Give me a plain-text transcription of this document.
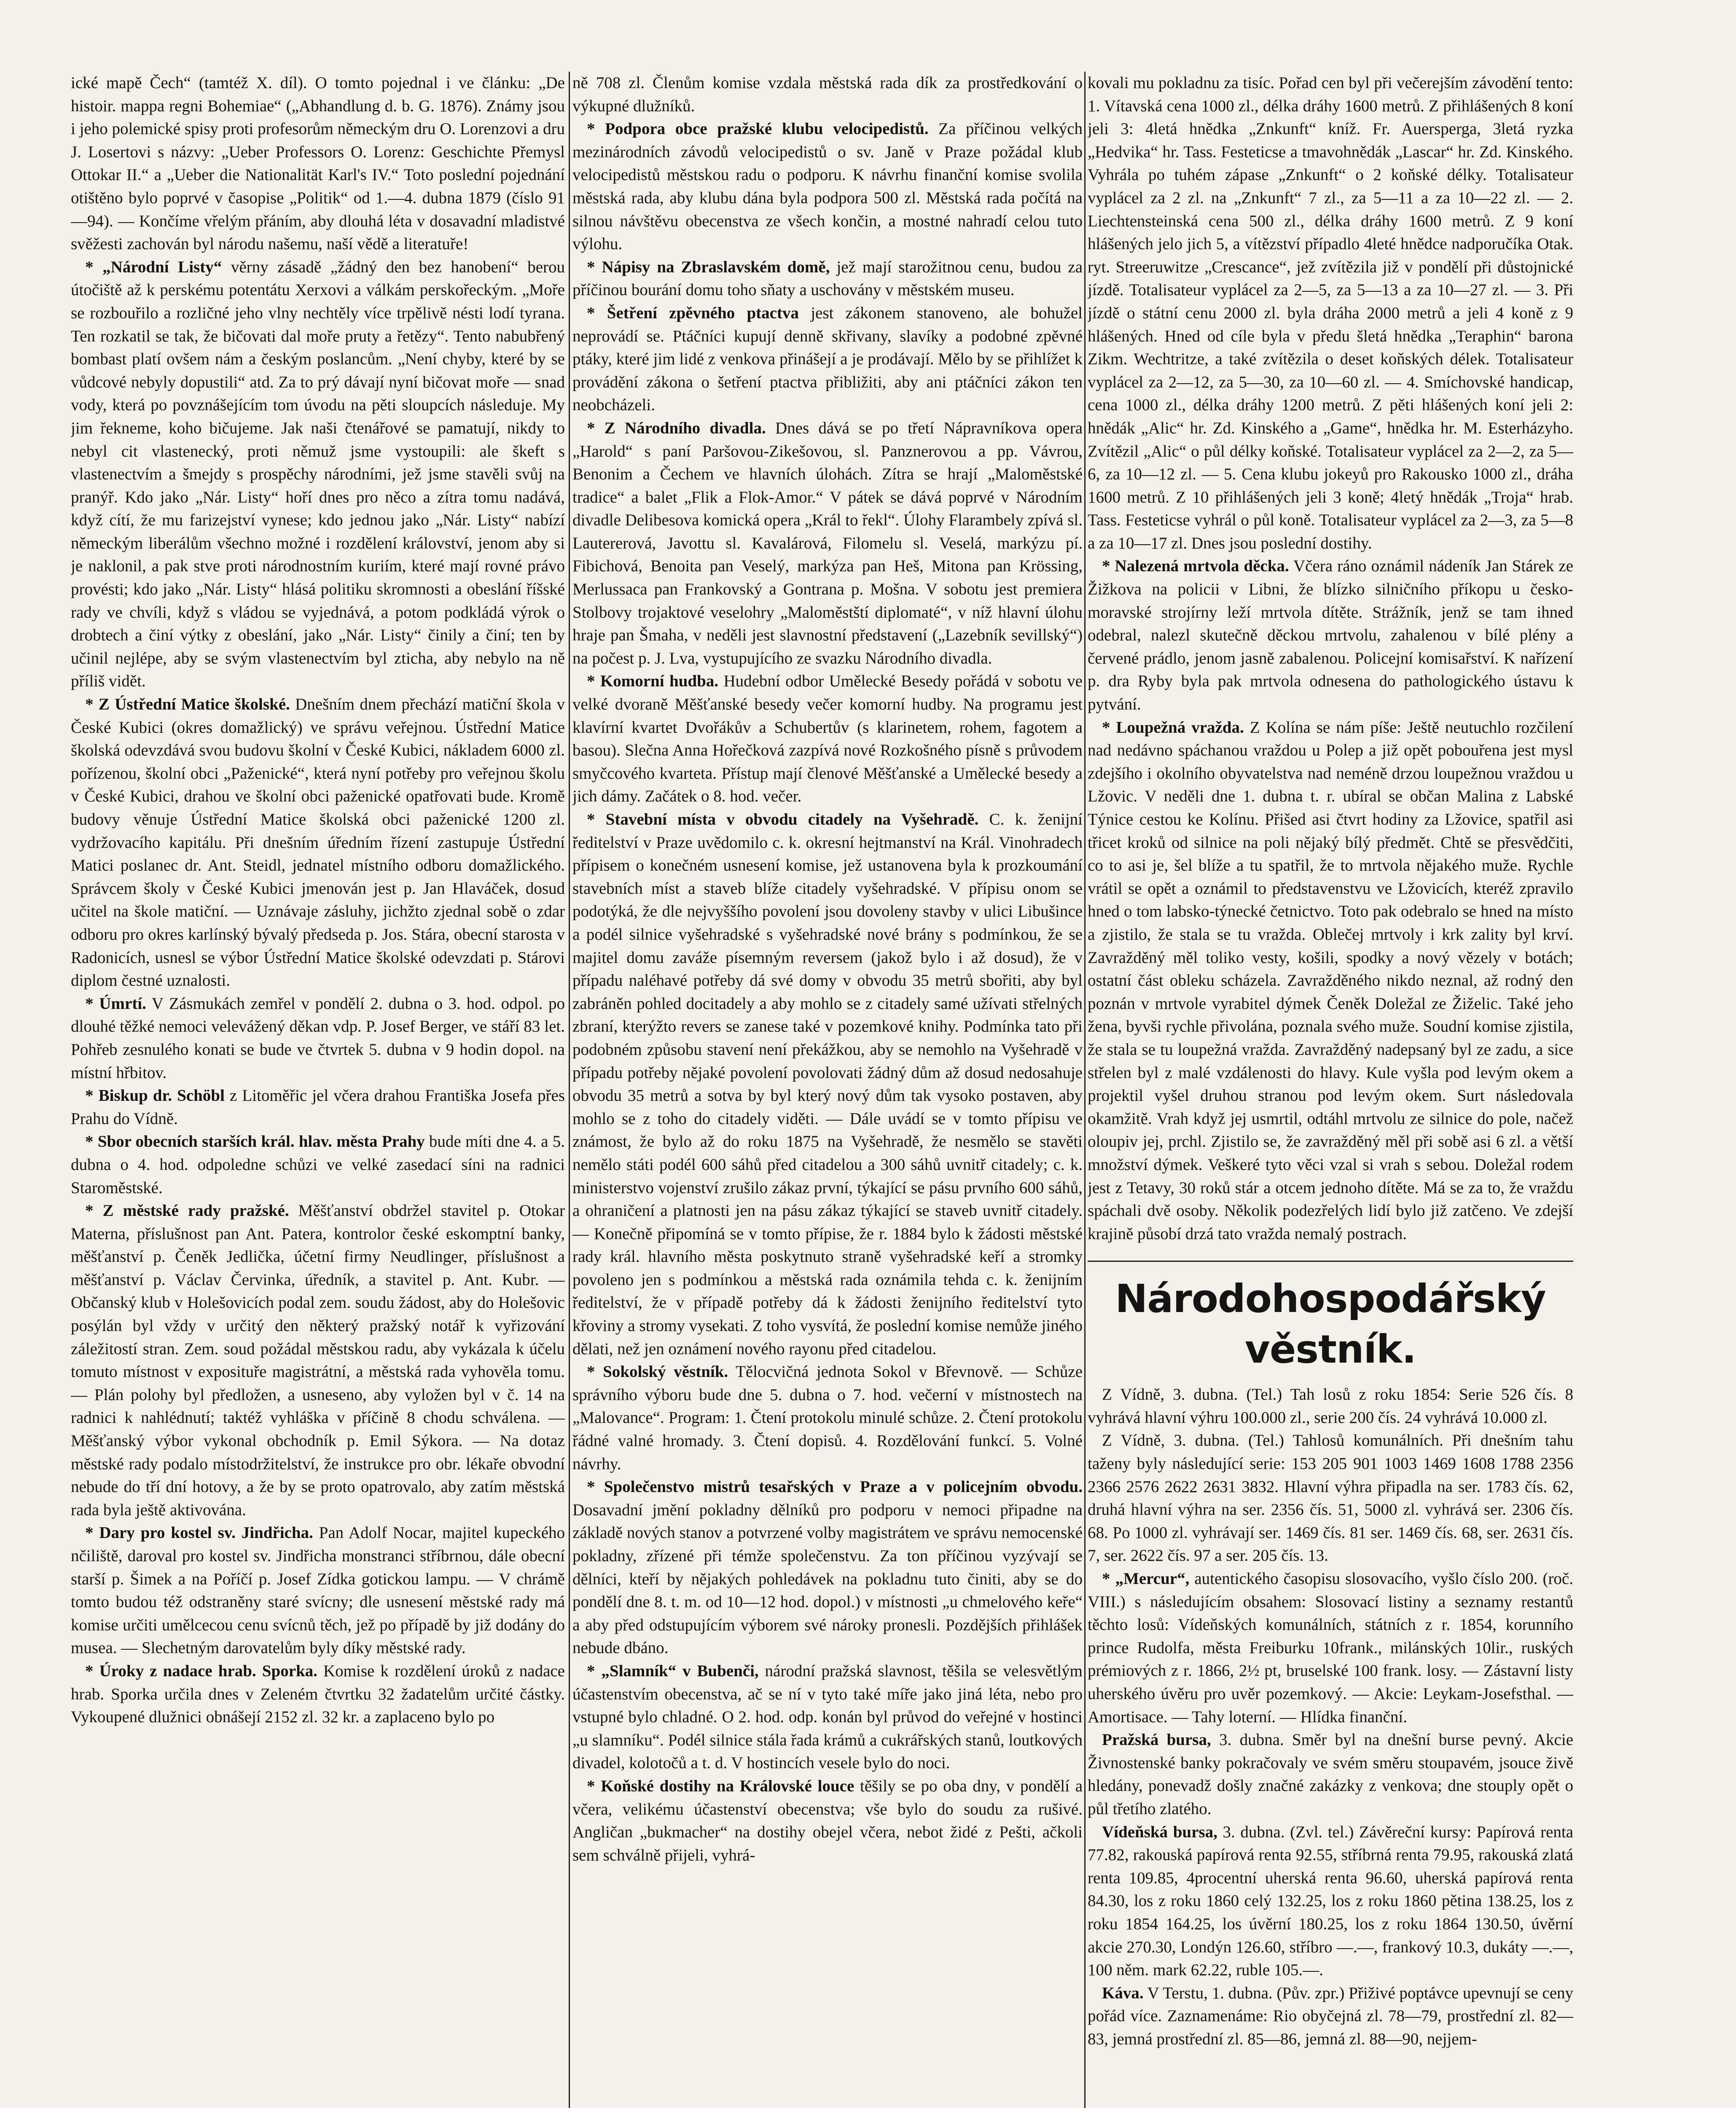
ické mapě Čech“ (tamtéž X. díl). O tomto pojednal i ve článku: „De histoir. mappa regni Bohemiae“ („Abhandlung d. b. G. 1876). Známy jsou i jeho polemické spisy proti profesorům německým dru O. Lorenzovi a dru J. Losertovi s názvy: „Ueber Professors O. Lorenz: Geschichte Přemysl Ottokar II.“ a „Ueber die Nationalität Karl's IV.“ Toto poslední pojednání otištěno bylo poprvé v časopise „Politik“ od 1.—4. dubna 1879 (číslo 91—94). — Končíme vřelým přáním, aby dlouhá léta v dosavadní mladistvé svěžesti zachován byl národu našemu, naší vědě a literatuře!

* „Národní Listy“ věrny zásadě „žádný den bez hanobení“ berou útočiště až k perskému potentátu Xerxovi a válkám perskořeckým. „Moře se rozbouřilo a rozličné jeho vlny nechtěly více trpělivě nésti lodí tyrana. Ten rozkatil se tak, že bičovati dal moře pruty a řetězy“. Tento nabubřený bombast platí ovšem nám a českým poslancům. „Není chyby, které by se vůdcové nebyly dopustili“ atd. Za to prý dávají nyní bičovat moře — snad vody, která po povznášejícím tom úvodu na pěti sloupcích následuje. My jim řekneme, koho bičujeme. Jak naši čtenářové se pamatují, nikdy to nebyl cit vlastenecký, proti němuž jsme vystoupili: ale škeft s vlastenectvím a šmejdy s prospěchy národními, jež jsme stavěli svůj na pranýř. Kdo jako „Nár. Listy“ hoří dnes pro něco a zítra tomu nadává, když cítí, že mu farizejství vynese; kdo jednou jako „Nár. Listy“ nabízí německým liberálům všechno možné i rozdělení království, jenom aby si je naklonil, a pak stve proti národnostním kuriím, které mají rovné právo provésti; kdo jako „Nár. Listy“ hlásá politiku skromnosti a obeslání říšské rady ve chvíli, když s vládou se vyjednává, a potom podkládá výrok o drobtech a činí výtky z obeslání, jako „Nár. Listy“ činily a činí; ten by učinil nejlépe, aby se svým vlastenectvím byl zticha, aby nebylo na ně příliš vidět.

* Z Ústřední Matice školské. Dnešním dnem přechází matiční škola v České Kubici (okres domažlický) ve správu veřejnou. Ústřední Matice školská odevzdává svou budovu školní v České Kubici, nákladem 6000 zl. pořízenou, školní obci „Paženické“, která nyní potřeby pro veřejnou školu v České Kubici, drahou ve školní obci paženické opatřovati bude. Kromě budovy věnuje Ústřední Matice školská obci paženické 1200 zl. vydržovacího kapitálu. Při dnešním úředním řízení zastupuje Ústřední Matici poslanec dr. Ant. Steidl, jednatel místního odboru domažlického. Správcem školy v České Kubici jmenován jest p. Jan Hlaváček, dosud učitel na škole matiční. — Uznávaje zásluhy, jichžto zjednal sobě o zdar odboru pro okres karlínský bývalý předseda p. Jos. Stára, obecní starosta v Radonicích, usnesl se výbor Ústřední Matice školské odevzdati p. Stárovi diplom čestné uznalosti.

* Úmrtí. V Zásmukách zemřel v pondělí 2. dubna o 3. hod. odpol. po dlouhé těžké nemoci velevážený děkan vdp. P. Josef Berger, ve stáří 83 let. Pohřeb zesnulého konati se bude ve čtvrtek 5. dubna v 9 hodin dopol. na místní hřbitov.

* Biskup dr. Schöbl z Litoměřic jel včera drahou Františka Josefa přes Prahu do Vídně.

* Sbor obecních starších král. hlav. města Prahy bude míti dne 4. a 5. dubna o 4. hod. odpoledne schůzi ve velké zasedací síni na radnici Staroměstské.

* Z městské rady pražské. Měšťanství obdržel stavitel p. Otokar Materna, příslušnost pan Ant. Patera, kontrolor české eskomptní banky, měšťanství p. Čeněk Jedlička, účetní firmy Neudlinger, příslušnost a měšťanství p. Václav Červinka, úředník, a stavitel p. Ant. Kubr. — Občanský klub v Holešovicích podal zem. soudu žádost, aby do Holešovic posýlán byl vždy v určitý den některý pražský notář k vyřizování záležitostí stran. Zem. soud požádal městskou radu, aby vykázala k účelu tomuto místnost v exposituře magistrátní, a městská rada vyhověla tomu. — Plán polohy byl předložen, a usneseno, aby vyložen byl v č. 14 na radnici k nahlédnutí; taktéž vyhláška v příčině 8 chodu schválena. — Měšťanský výbor vykonal obchodník p. Emil Sýkora. — Na dotaz městské rady podalo místodržitelství, že instrukce pro obr. lékaře obvodní nebude do tří dní hotovy, a že by se proto opatrovalo, aby zatím městská rada byla ještě aktivována.

* Dary pro kostel sv. Jindřicha. Pan Adolf Nocar, majitel kupeckého nčiliště, daroval pro kostel sv. Jindřicha monstranci stříbrnou, dále obecní starší p. Šimek a na Poříčí p. Josef Zídka gotickou lampu. — V chrámě tomto budou též odstraněny staré svícny; dle usnesení městské rady má komise určiti umělcecou cenu svícnů těch, jež po případě by již dodány do musea. — Slechetným darovatelům byly díky městské rady.

* Úroky z nadace hrab. Sporka. Komise k rozdělení úroků z nadace hrab. Sporka určila dnes v Zeleném čtvrtku 32 žadatelům určité částky. Vykoupené dlužnici obnášejí 2152 zl. 32 kr. a zaplaceno bylo po

ně 708 zl. Členům komise vzdala městská rada dík za prostředkování o výkupné dlužníků.

* Podpora obce pražské klubu velocipedistů. Za příčinou velkých mezinárodních závodů velocipedistů o sv. Janě v Praze požádal klub velocipedistů městskou radu o podporu. K návrhu finanční komise svolila městská rada, aby klubu dána byla podpora 500 zl. Městská rada počítá na silnou návštěvu obecenstva ze všech končin, a mostné nahradí celou tuto výlohu.

* Nápisy na Zbraslavském domě, jež mají starožitnou cenu, budou za příčinou bourání domu toho sňaty a uschovány v městském museu.

* Šetření zpěvného ptactva jest zákonem stanoveno, ale bohužel neprovádí se. Ptáčníci kupují denně skřivany, slavíky a podobné zpěvné ptáky, které jim lidé z venkova přinášejí a je prodávají. Mělo by se přihlížet k provádění zákona o šetření ptactva přibližiti, aby ani ptáčníci zákon ten neobcházeli.

* Z Národního divadla. Dnes dává se po třetí Nápravníkova opera „Harold“ s paní Paršovou-Zikešovou, sl. Panznerovou a pp. Vávrou, Benonim a Čechem ve hlavních úlohách. Zítra se hrají „Maloměstské tradice“ a balet „Flik a Flok-Amor.“ V pátek se dává poprvé v Národním divadle Delibesova komická opera „Král to řekl“. Úlohy Flarambely zpívá sl. Lautererová, Javottu sl. Kavalárová, Filomelu sl. Veselá, markýzu pí. Fibichová, Benoita pan Veselý, markýza pan Heš, Mitona pan Krössing, Merlussaca pan Frankovský a Gontrana p. Mošna. V sobotu jest premiera Stolbovy trojaktové veselohry „Maloměstští diplomaté“, v níž hlavní úlohu hraje pan Šmaha, v neděli jest slavnostní představení („Lazebník sevillský“) na počest p. J. Lva, vystupujícího ze svazku Národního divadla.

* Komorní hudba. Hudební odbor Umělecké Besedy pořádá v sobotu ve velké dvoraně Měšťanské besedy večer komorní hudby. Na programu jest klavírní kvartet Dvořákův a Schubertův (s klarinetem, rohem, fagotem a basou). Slečna Anna Hořečková zazpívá nové Rozkošného písně s průvodem smyčcového kvarteta. Přístup mají členové Měšťanské a Umělecké besedy a jich dámy. Začátek o 8. hod. večer.

* Stavební místa v obvodu citadely na Vyšehradě. C. k. ženijní ředitelství v Praze uvědomilo c. k. okresní hejtmanství na Král. Vinohradech přípisem o konečném usnesení komise, jež ustanovena byla k prozkoumání stavebních míst a staveb blíže citadely vyšehradské. V přípisu onom se podotýká, že dle nejvyššího povolení jsou dovoleny stavby v ulici Libušince a podél silnice vyšehradské s vyšehradské nové brány s podmínkou, že se majitel domu zaváže písemným reversem (jakož bylo i až dosud), že v případu naléhavé potřeby dá své domy v obvodu 35 metrů sbořiti, aby byl zabráněn pohled docitadely a aby mohlo se z citadely samé užívati střelných zbraní, kterýžto revers se zanese také v pozemkové knihy. Podmínka tato při podobném způsobu stavení není překážkou, aby se nemohlo na Vyšehradě v případu potřeby nějaké povolení povolovati žádný dům až dosud nedosahuje obvodu 35 metrů a sotva by byl který nový dům tak vysoko postaven, aby mohlo se z toho do citadely viděti. — Dále uvádí se v tomto přípisu ve známost, že bylo až do roku 1875 na Vyšehradě, že nesmělo se stavěti nemělo státi podél 600 sáhů před citadelou a 300 sáhů uvnitř citadely; c. k. ministerstvo vojenství zrušilo zákaz první, týkající se pásu prvního 600 sáhů, a ohraničení a platnosti jen na pásu zákaz týkající se staveb uvnitř citadely. — Konečně připomíná se v tomto přípise, že r. 1884 bylo k žádosti městské rady král. hlavního města poskytnuto straně vyšehradské keří a stromky povoleno jen s podmínkou a městská rada oznámila tehda c. k. ženijním ředitelství, že v případě potřeby dá k žádosti ženijního ředitelství tyto křoviny a stromy vysekati. Z toho vysvítá, že poslední komise nemůže jiného dělati, než jen oznámení nového rayonu před citadelou.

* Sokolský věstník. Tělocvičná jednota Sokol v Břevnově. — Schůze správního výboru bude dne 5. dubna o 7. hod. večerní v místnostech na „Malovance“. Program: 1. Čtení protokolu minulé schůze. 2. Čtení protokolu řádné valné hromady. 3. Čtení dopisů. 4. Rozdělování funkcí. 5. Volné návrhy.

* Společenstvo mistrů tesařských v Praze a v policejním obvodu. Dosavadní jmění pokladny dělníků pro podporu v nemoci připadne na základě nových stanov a potvrzené volby magistrátem ve správu nemocenské pokladny, zřízené při témže společenstvu. Za ton příčinou vyzývají se dělníci, kteří by nějakých pohledávek na pokladnu tuto činiti, aby se do pondělí dne 8. t. m. od 10—12 hod. dopol.) v místnosti „u chmelového keře“ a aby před odstupujícím výborem své nároky pronesli. Pozdějších přihlášek nebude dbáno.

* „Slamník“ v Bubenči, národní pražská slavnost, těšila se velesvětlým účastenstvím obecenstva, ač se ní v tyto také míře jako jiná léta, nebo pro vstupné bylo chladné. O 2. hod. odp. konán byl průvod do veřejné v hostinci „u slamníku“. Podél silnice stála řada krámů a cukrářských stanů, loutkových divadel, kolotočů a t. d. V hostincích vesele bylo do noci.

* Koňské dostihy na Královské louce těšily se po oba dny, v pondělí a včera, velikému účastenství obecenstva; vše bylo do soudu za rušivé. Angličan „bukmacher“ na dostihy obejel včera, nebot židé z Pešti, ačkoli sem schválně přijeli, vyhrá-

kovali mu pokladnu za tisíc. Pořad cen byl při večerejším závodění tento: 1. Vítavská cena 1000 zl., délka dráhy 1600 metrů. Z přihlášených 8 koní jeli 3: 4letá hnědka „Znkunft“ kníž. Fr. Auersperga, 3letá ryzka „Hedvika“ hr. Tass. Festeticse a tmavohnědák „Lascar“ hr. Zd. Kinského. Vyhrála po tuhém zápase „Znkunft“ o 2 koňské délky. Totalisateur vyplácel za 2 zl. na „Znkunft“ 7 zl., za 5—11 a za 10—22 zl. — 2. Liechtensteinská cena 500 zl., délka dráhy 1600 metrů. Z 9 koní hlášených jelo jich 5, a vítězství případlo 4leté hnědce nadporučíka Otak. ryt. Streeruwitze „Crescance“, jež zvítězila již v pondělí při důstojnické jízdě. Totalisateur vyplácel za 2—5, za 5—13 a za 10—27 zl. — 3. Při jízdě o státní cenu 2000 zl. byla dráha 2000 metrů a jeli 4 koně z 9 hlášených. Hned od cíle byla v předu šletá hnědka „Teraphin“ barona Zikm. Wechtritze, a také zvítězila o deset koňských délek. Totalisateur vyplácel za 2—12, za 5—30, za 10—60 zl. — 4. Smíchovské handicap, cena 1000 zl., délka dráhy 1200 metrů. Z pěti hlášených koní jeli 2: hnědák „Alic“ hr. Zd. Kinského a „Game“, hnědka hr. M. Esterházyho. Zvítězil „Alic“ o půl délky koňské. Totalisateur vyplácel za 2—2, za 5—6, za 10—12 zl. — 5. Cena klubu jokeyů pro Rakousko 1000 zl., dráha 1600 metrů. Z 10 přihlášených jeli 3 koně; 4letý hnědák „Troja“ hrab. Tass. Festeticse vyhrál o půl koně. Totalisateur vyplácel za 2—3, za 5—8 a za 10—17 zl. Dnes jsou poslední dostihy.

* Nalezená mrtvola děcka. Včera ráno oznámil nádeník Jan Stárek ze Žižkova na policii v Libni, že blízko silničního příkopu u česko-moravské strojírny leží mrtvola dítěte. Strážník, jenž se tam ihned odebral, nalezl skutečně děckou mrtvolu, zahalenou v bílé plény a červené prádlo, jenom jasně zabalenou. Policejní komisařství. K nařízení p. dra Ryby byla pak mrtvola odnesena do pathologického ústavu k pytvání.

* Loupežná vražda. Z Kolína se nám píše: Ještě neutuchlo rozčilení nad nedávno spáchanou vraždou u Polep a již opět pobouřena jest mysl zdejšího i okolního obyvatelstva nad neméně drzou loupežnou vraždou u Lžovic. V neděli dne 1. dubna t. r. ubíral se občan Malina z Labské Týnice cestou ke Kolínu. Přišed asi čtvrt hodiny za Lžovice, spatřil asi třicet kroků od silnice na poli nějaký bílý předmět. Chtě se přesvědčiti, co to asi je, šel blíže a tu spatřil, že to mrtvola nějakého muže. Rychle vrátil se opět a oznámil to představenstvu ve Lžovicích, kteréž zpravilo hned o tom labsko-týnecké četnictvo. Toto pak odebralo se hned na místo a zjistilo, že stala se tu vražda. Oblečej mrtvoly i krk zality byl krví. Zavražděný měl toliko vesty, košili, spodky a nový vězely v botách; ostatní část obleku scházela. Zavražděného nikdo neznal, až rodný den poznán v mrtvole vyrabitel dýmek Čeněk Doležal ze Žiželic. Také jeho žena, byvši rychle přivolána, poznala svého muže. Soudní komise zjistila, že stala se tu loupežná vražda. Zavražděný nadepsaný byl ze zadu, a sice střelen byl z malé vzdálenosti do hlavy. Kule vyšla pod levým okem a projektil vyšel druhou stranou pod levým okem. Surt následovala okamžitě. Vrah když jej usmrtil, odtáhl mrtvolu ze silnice do pole, načež oloupiv jej, prchl. Zjistilo se, že zavražděný měl při sobě asi 6 zl. a větší množství dýmek. Veškeré tyto věci vzal si vrah s sebou. Doležal rodem jest z Tetavy, 30 roků stár a otcem jednoho dítěte. Má se za to, že vraždu spáchali dvě osoby. Několik podezřelých lidí bylo již zatčeno. Ve zdejší krajině působí drzá tato vražda nemalý postrach.

Národohospodářský věstník.

Z Vídně, 3. dubna. (Tel.) Tah losů z roku 1854: Serie 526 čís. 8 vyhrává hlavní výhru 100.000 zl., serie 200 čís. 24 vyhrává 10.000 zl.

Z Vídně, 3. dubna. (Tel.) Tahlosů komunálních. Při dnešním tahu taženy byly následující serie: 153 205 901 1003 1469 1608 1788 2356 2366 2576 2622 2631 3832. Hlavní výhra připadla na ser. 1783 čís. 62, druhá hlavní výhra na ser. 2356 čís. 51, 5000 zl. vyhrává ser. 2306 čís. 68. Po 1000 zl. vyhrávají ser. 1469 čís. 81 ser. 1469 čís. 68, ser. 2631 čís. 7, ser. 2622 čís. 97 a ser. 205 čís. 13.

* „Mercur“, autentického časopisu slosovacího, vyšlo číslo 200. (roč. VIII.) s následujícím obsahem: Slosovací listiny a seznamy restantů těchto losů: Vídeňských komunálních, státních z r. 1854, korunního prince Rudolfa, města Freiburku 10frank., milánských 10lir., ruských prémiových z r. 1866, 2½ pt, bruselské 100 frank. losy. — Zástavní listy uherského úvěru pro uvěr pozemkový. — Akcie: Leykam-Josefsthal. — Amortisace. — Tahy loterní. — Hlídka finanční.

Pražská bursa, 3. dubna. Směr byl na dnešní burse pevný. Akcie Živnostenské banky pokračovaly ve svém směru stoupavém, jsouce živě hledány, ponevadž došly značné zakázky z venkova; dne stouply opět o půl třetího zlatého.

Vídeňská bursa, 3. dubna. (Zvl. tel.) Závěreční kursy: Papírová renta 77.82, rakouská papírová renta 92.55, stříbrná renta 79.95, rakouská zlatá renta 109.85, 4procentní uherská renta 96.60, uherská papírová renta 84.30, los z roku 1860 celý 132.25, los z roku 1860 pětina 138.25, los z roku 1854 164.25, los úvěrní 180.25, los z roku 1864 130.50, úvěrní akcie 270.30, Londýn 126.60, stříbro —.—, frankový 10.3, dukáty —.—, 100 něm. mark 62.22, ruble 105.—.

Káva. V Terstu, 1. dubna. (Pův. zpr.) Přiživé poptávce upevnují se ceny pořád více. Zaznamenáme: Rio obyčejná zl. 78—79, prostřední zl. 82—83, jemná prostřední zl. 85—86, jemná zl. 88—90, nejjem-
